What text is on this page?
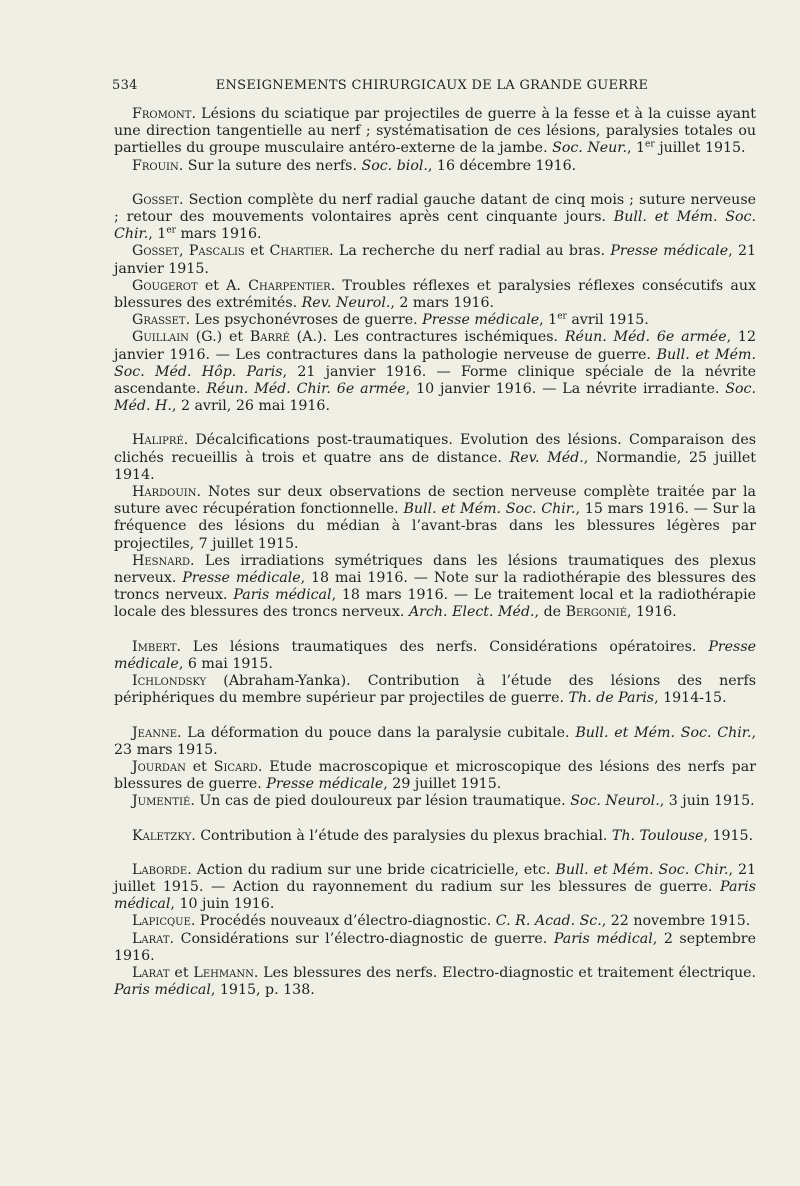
534	ENSEIGNEMENTS CHIRURGICAUX DE LA GRANDE GUERRE

Fromont. Lésions du sciatique par projectiles de guerre à la fesse et à la cuisse ayant une direction tangentielle au nerf ; systématisation de ces lésions, paralysies totales ou partielles du groupe musculaire antéro-externe de la jambe. Soc. Neur., 1er juillet 1915.

Frouin. Sur la suture des nerfs. Soc. biol., 16 décembre 1916.

Gosset. Section complète du nerf radial gauche datant de cinq mois ; suture nerveuse ; retour des mouvements volontaires après cent cinquante jours. Bull. et Mém. Soc. Chir., 1er mars 1916.

Gosset, Pascalis et Chartier. La recherche du nerf radial au bras. Presse médicale, 21 janvier 1915.

Gougerot et A. Charpentier. Troubles réflexes et paralysies réflexes consécutifs aux blessures des extrémités. Rev. Neurol., 2 mars 1916.

Grasset. Les psychonévroses de guerre. Presse médicale, 1er avril 1915.

Guillain (G.) et Barré (A.). Les contractures ischémiques. Réun. Méd. 6e armée, 12 janvier 1916. — Les contractures dans la pathologie nerveuse de guerre. Bull. et Mém. Soc. Méd. Hôp. Paris, 21 janvier 1916. — Forme clinique spéciale de la névrite ascendante. Réun. Méd. Chir. 6e armée, 10 janvier 1916. — La névrite irradiante. Soc. Méd. H., 2 avril, 26 mai 1916.

Halipré. Décalcifications post-traumatiques. Evolution des lésions. Comparaison des clichés recueillis à trois et quatre ans de distance. Rev. Méd., Normandie, 25 juillet 1914.

Hardouin. Notes sur deux observations de section nerveuse complète traitée par la suture avec récupération fonctionnelle. Bull. et Mém. Soc. Chir., 15 mars 1916. — Sur la fréquence des lésions du médian à l’avant-bras dans les blessures légères par projectiles, 7 juillet 1915.

Hesnard. Les irradiations symétriques dans les lésions traumatiques des plexus nerveux. Presse médicale, 18 mai 1916. — Note sur la radiothérapie des blessures des troncs nerveux. Paris médical, 18 mars 1916. — Le traitement local et la radiothérapie locale des blessures des troncs nerveux. Arch. Elect. Méd., de Bergonié, 1916.

Imbert. Les lésions traumatiques des nerfs. Considérations opératoires. Presse médicale, 6 mai 1915.

Ichlondsky (Abraham-Yanka). Contribution à l’étude des lésions des nerfs périphériques du membre supérieur par projectiles de guerre. Th. de Paris, 1914-15.

Jeanne. La déformation du pouce dans la paralysie cubitale. Bull. et Mém. Soc. Chir., 23 mars 1915.

Jourdan et Sicard. Etude macroscopique et microscopique des lésions des nerfs par blessures de guerre. Presse médicale, 29 juillet 1915.

Jumentié. Un cas de pied douloureux par lésion traumatique. Soc. Neurol., 3 juin 1915.

Kaletzky. Contribution à l’étude des paralysies du plexus brachial. Th. Toulouse, 1915.

Laborde. Action du radium sur une bride cicatricielle, etc. Bull. et Mém. Soc. Chir., 21 juillet 1915. — Action du rayonnement du radium sur les blessures de guerre. Paris médical, 10 juin 1916.

Lapicque. Procédés nouveaux d’électro-diagnostic. C. R. Acad. Sc., 22 novembre 1915.

Larat. Considérations sur l’électro-diagnostic de guerre. Paris médical, 2 septembre 1916.

Larat et Lehmann. Les blessures des nerfs. Electro-diagnostic et traitement électrique. Paris médical, 1915, p. 138.
